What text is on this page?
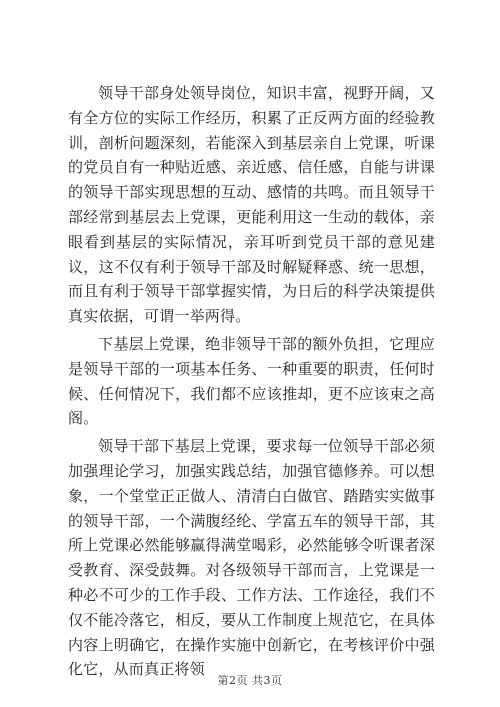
领导干部身处领导岗位，知识丰富，视野开阔，又有全方位的实际工作经历，积累了正反两方面的经验教训，剖析问题深刻，若能深入到基层亲自上党课，听课的党员自有一种贴近感、亲近感、信任感，自能与讲课的领导干部实现思想的互动、感情的共鸣。而且领导干部经常到基层去上党课，更能利用这一生动的载体，亲眼看到基层的实际情况，亲耳听到党员干部的意见建议，这不仅有利于领导干部及时解疑释惑、统一思想，而且有利于领导干部掌握实情，为日后的科学决策提供真实依据，可谓一举两得。

下基层上党课，绝非领导干部的额外负担，它理应是领导干部的一项基本任务、一种重要的职责，任何时候、任何情况下，我们都不应该推却，更不应该束之高阁。

领导干部下基层上党课，要求每一位领导干部必须加强理论学习，加强实践总结，加强官德修养。可以想象，一个堂堂正正做人、清清白白做官、踏踏实实做事的领导干部，一个满腹经纶、学富五车的领导干部，其所上党课必然能够赢得满堂喝彩，必然能够令听课者深受教育、深受鼓舞。对各级领导干部而言，上党课是一种必不可少的工作手段、工作方法、工作途径，我们不仅不能冷落它，相反，要从工作制度上规范它，在具体内容上明确它，在操作实施中创新它，在考核评价中强化它，从而真正将领

第2页 共3页
